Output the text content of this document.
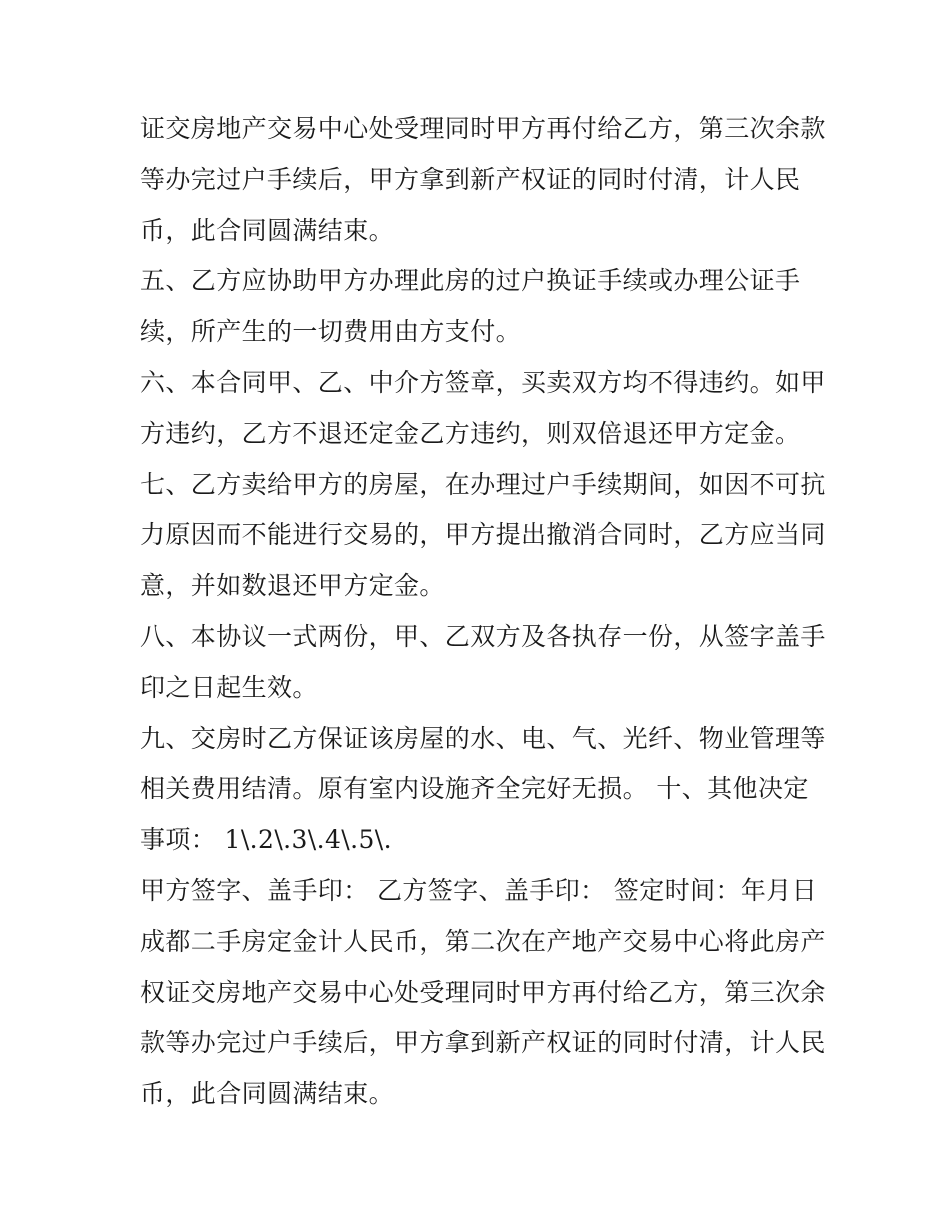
证交房地产交易中心处受理同时甲方再付给乙方，第三次余款
等办完过户手续后，甲方拿到新产权证的同时付清，计人民
币，此合同圆满结束。
五、乙方应协助甲方办理此房的过户换证手续或办理公证手
续，所产生的一切费用由方支付。
六、本合同甲、乙、中介方签章，买卖双方均不得违约。如甲
方违约，乙方不退还定金乙方违约，则双倍退还甲方定金。
七、乙方卖给甲方的房屋，在办理过户手续期间，如因不可抗
力原因而不能进行交易的，甲方提出撤消合同时，乙方应当同
意，并如数退还甲方定金。
八、本协议一式两份，甲、乙双方及各执存一份，从签字盖手
印之日起生效。
九、交房时乙方保证该房屋的水、电、气、光纤、物业管理等
相关费用结清。原有室内设施齐全完好无损。 十、其他决定
事项： 1\.2\.3\.4\.5\.
甲方签字、盖手印： 乙方签字、盖手印： 签定时间：年月日
成都二手房定金计人民币，第二次在产地产交易中心将此房产
权证交房地产交易中心处受理同时甲方再付给乙方，第三次余
款等办完过户手续后，甲方拿到新产权证的同时付清，计人民
币，此合同圆满结束。
